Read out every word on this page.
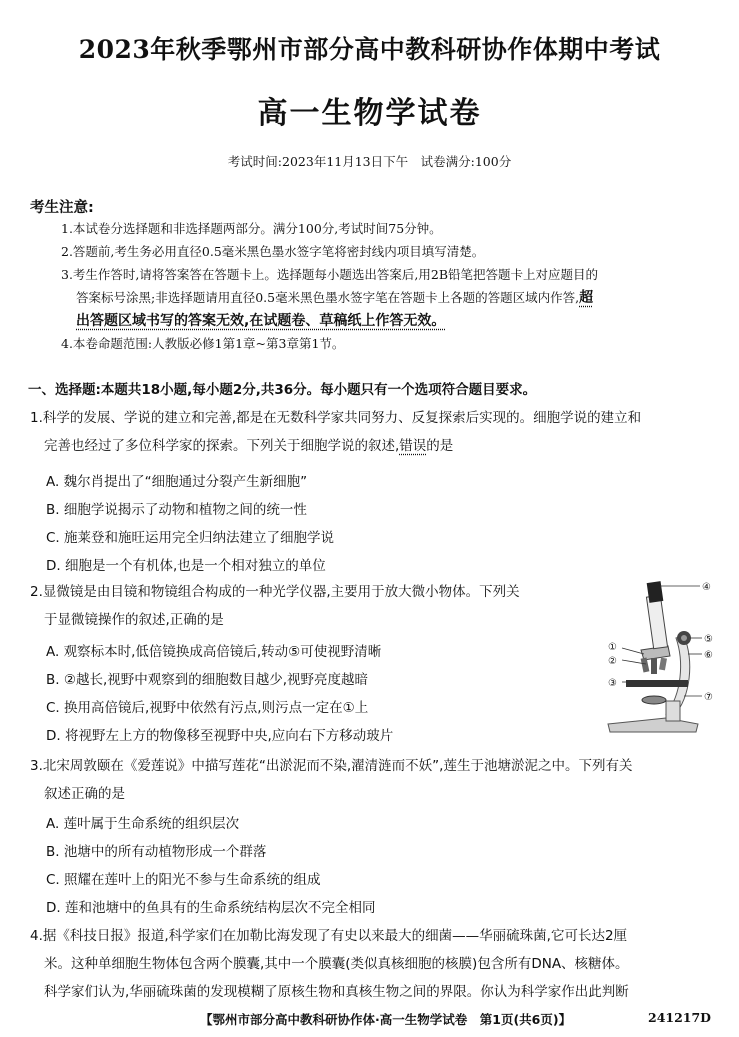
2023年秋季鄂州市部分高中教科研协作体期中考试
高一生物学试卷
考试时间:2023年11月13日下午　试卷满分:100分
考生注意:
1.本试卷分选择题和非选择题两部分。满分100分,考试时间75分钟。
2.答题前,考生务必用直径0.5毫米黑色墨水签字笔将密封线内项目填写清楚。
3.考生作答时,请将答案答在答题卡上。选择题每小题选出答案后,用2B铅笔把答题卡上对应题目的
答案标号涂黑;非选择题请用直径0.5毫米黑色墨水签字笔在答题卡上各题的答题区域内作答,超
出答题区域书写的答案无效,在试题卷、草稿纸上作答无效。
4.本卷命题范围:人教版必修1第1章~第3章第1节。
一、选择题:本题共18小题,每小题2分,共36分。每小题只有一个选项符合题目要求。
1.科学的发展、学说的建立和完善,都是在无数科学家共同努力、反复探索后实现的。细胞学说的建立和
完善也经过了多位科学家的探索。下列关于细胞学说的叙述,错误的是
A. 魏尔肖提出了“细胞通过分裂产生新细胞”
B. 细胞学说揭示了动物和植物之间的统一性
C. 施莱登和施旺运用完全归纳法建立了细胞学说
D. 细胞是一个有机体,也是一个相对独立的单位
2.显微镜是由目镜和物镜组合构成的一种光学仪器,主要用于放大微小物体。下列关
于显微镜操作的叙述,正确的是
A. 观察标本时,低倍镜换成高倍镜后,转动⑤可使视野清晰
B. ②越长,视野中观察到的细胞数目越少,视野亮度越暗
C. 换用高倍镜后,视野中依然有污点,则污点一定在①上
D. 将视野左上方的物像移至视野中央,应向右下方移动玻片
④
⑤
①
②
⑥
③
⑦
3.北宋周敦颐在《爱莲说》中描写莲花“出淤泥而不染,濯清涟而不妖”,莲生于池塘淤泥之中。下列有关
叙述正确的是
A. 莲叶属于生命系统的组织层次
B. 池塘中的所有动植物形成一个群落
C. 照耀在莲叶上的阳光不参与生命系统的组成
D. 莲和池塘中的鱼具有的生命系统结构层次不完全相同
4.据《科技日报》报道,科学家们在加勒比海发现了有史以来最大的细菌——华丽硫珠菌,它可长达2厘
米。这种单细胞生物体包含两个膜囊,其中一个膜囊(类似真核细胞的核膜)包含所有DNA、核糖体。
科学家们认为,华丽硫珠菌的发现模糊了原核生物和真核生物之间的界限。你认为科学家作出此判断
【鄂州市部分高中教科研协作体·高一生物学试卷　第1页(共6页)】	241217D
